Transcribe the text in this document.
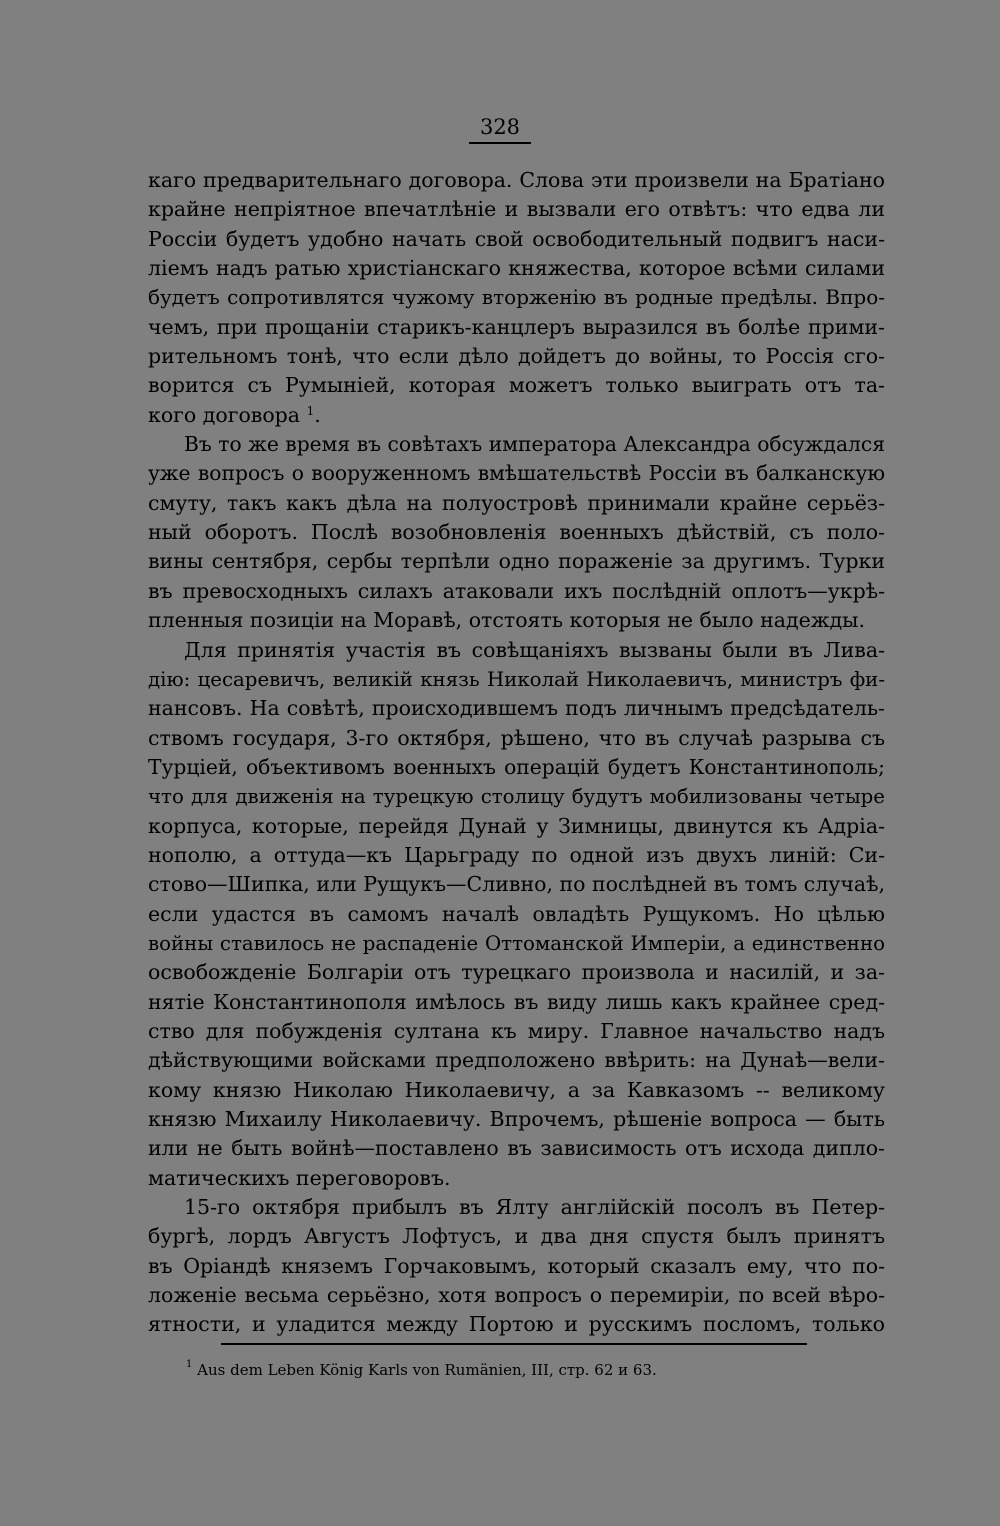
328
каго предварительнаго договора. Слова эти произвели на Братіано
крайне непріятное впечатлѣніе и вызвали его отвѣтъ: что едва ли
Россіи будетъ удобно начать свой освободительный подвигъ наси-
ліемъ надъ ратью христіанскаго княжества, которое всѣми силами
будетъ сопротивлятся чужому вторженію въ родные предѣлы. Впро-
чемъ, при прощаніи старикъ-канцлеръ выразился въ болѣе прими-
рительномъ тонѣ, что если дѣло дойдетъ до войны, то Россія сго-
ворится съ Румыніей, которая можетъ только выиграть отъ та-
кого договора $^1$.
Въ то же время въ совѣтахъ императора Александра обсуждался
уже вопросъ о вооруженномъ вмѣшательствѣ Россіи въ балканскую
смуту, такъ какъ дѣла на полуостровѣ принимали крайне серьёз-
ный оборотъ. Послѣ возобновленія военныхъ дѣйствій, съ поло-
вины сентября, сербы терпѣли одно пораженіе за другимъ. Турки
въ превосходныхъ силахъ атаковали ихъ послѣдній оплотъ—укрѣ-
пленныя позиціи на Моравѣ, отстоять которыя не было надежды.
Для принятія участія въ совѣщаніяхъ вызваны были въ Лива-
дію: цесаревичъ, великій князь Николай Николаевичъ, министръ фи-
нансовъ. На совѣтѣ, происходившемъ подъ личнымъ предсѣдатель-
ствомъ государя, 3-го октября, рѣшено, что въ случаѣ разрыва съ
Турціей, объективомъ военныхъ операцій будетъ Константинополь;
что для движенія на турецкую столицу будутъ мобилизованы четыре
корпуса, которые, перейдя Дунай у Зимницы, двинутся къ Адріа-
нополю, а оттуда—къ Царьграду по одной изъ двухъ линій: Си-
стово—Шипка, или Рущукъ—Сливно, по послѣдней въ томъ случаѣ,
если удастся въ самомъ началѣ овладѣть Рущукомъ. Но цѣлью
войны ставилось не распаденіе Оттоманской Имперіи, а единственно
освобожденіе Болгаріи отъ турецкаго произвола и насилій, и за-
нятіе Константинополя имѣлось въ виду лишь какъ крайнее сред-
ство для побужденія султана къ миру. Главное начальство надъ
дѣйствующими войсками предположено ввѣрить: на Дунаѣ—вели-
кому князю Николаю Николаевичу, а за Кавказомъ -- великому
князю Михаилу Николаевичу. Впрочемъ, рѣшеніе вопроса — быть
или не быть войнѣ—поставлено въ зависимость отъ исхода дипло-
матическихъ переговоровъ.
15-го октября прибылъ въ Ялту англійскій посолъ въ Петер-
бургѣ, лордъ Августъ Лофтусъ, и два дня спустя былъ принятъ
въ Оріандѣ княземъ Горчаковымъ, который сказалъ ему, что по-
ложеніе весьма серьёзно, хотя вопросъ о перемиріи, по всей вѣро-
ятности, и уладится между Портою и русскимъ посломъ, только
$^1$ Aus dem Leben König Karls von Rumänien, III, стр. 62 и 63.
